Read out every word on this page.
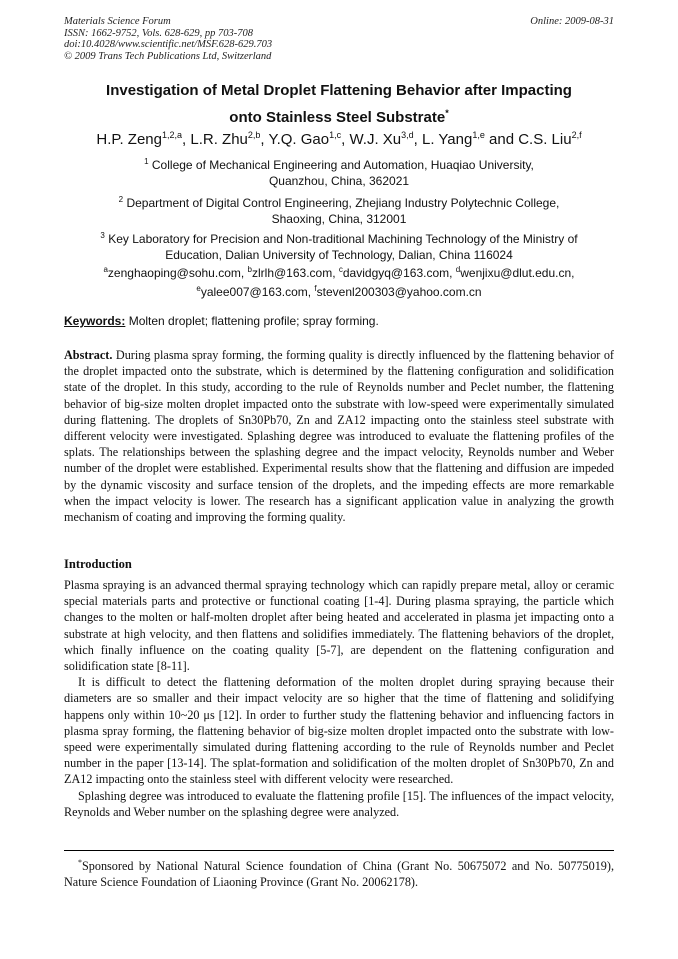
Materials Science Forum
ISSN: 1662-9752, Vols. 628-629, pp 703-708
doi:10.4028/www.scientific.net/MSF.628-629.703
© 2009 Trans Tech Publications Ltd, Switzerland
Online: 2009-08-31
Investigation of Metal Droplet Flattening Behavior after Impacting
onto Stainless Steel Substrate*
H.P. Zeng$^{1,2,a}$, L.R. Zhu$^{2,b}$, Y.Q. Gao$^{1,c}$, W.J. Xu$^{3,d}$, L. Yang$^{1,e}$ and C.S. Liu$^{2,f}$
$^1$ College of Mechanical Engineering and Automation, Huaqiao University,
Quanzhou, China, 362021
$^2$ Department of Digital Control Engineering, Zhejiang Industry Polytechnic College,
Shaoxing, China, 312001
$^3$ Key Laboratory for Precision and Non-traditional Machining Technology of the Ministry of
Education, Dalian University of Technology, Dalian, China 116024
$^a$zenghaoping@sohu.com, $^b$zlrlh@163.com, $^c$davidgyq@163.com, $^d$wenjixu@dlut.edu.cn,
$^e$yalee007@163.com, $^f$stevenl200303@yahoo.com.cn
Keywords: Molten droplet; flattening profile; spray forming.
Abstract. During plasma spray forming, the forming quality is directly influenced by the flattening behavior of the droplet impacted onto the substrate, which is determined by the flattening configuration and solidification state of the droplet. In this study, according to the rule of Reynolds number and Peclet number, the flattening behavior of big-size molten droplet impacted onto the substrate with low-speed were experimentally simulated during flattening. The droplets of Sn30Pb70, Zn and ZA12 impacting onto the stainless steel substrate with different velocity were investigated. Splashing degree was introduced to evaluate the flattening profiles of the splats. The relationships between the splashing degree and the impact velocity, Reynolds number and Weber number of the droplet were established. Experimental results show that the flattening and diffusion are impeded by the dynamic viscosity and surface tension of the droplets, and the impeding effects are more remarkable when the impact velocity is lower. The research has a significant application value in analyzing the growth mechanism of coating and improving the forming quality.
Introduction

Plasma spraying is an advanced thermal spraying technology which can rapidly prepare metal, alloy or ceramic special materials parts and protective or functional coating [1-4]. During plasma spraying, the particle which changes to the molten or half-molten droplet after being heated and accelerated in plasma jet impacting onto a substrate at high velocity, and then flattens and solidifies immediately. The flattening behaviors of the droplet, which finally influence on the coating quality [5-7], are dependent on the flattening configuration and solidification state [8-11].

It is difficult to detect the flattening deformation of the molten droplet during spraying because their diameters are so smaller and their impact velocity are so higher that the time of flattening and solidifying happens only within 10~20 μs [12]. In order to further study the flattening behavior and influencing factors in plasma spray forming, the flattening behavior of big-size molten droplet impacted onto the substrate with low-speed were experimentally simulated during flattening according to the rule of Reynolds number and Peclet number in the paper [13-14]. The splat-formation and solidification of the molten droplet of Sn30Pb70, Zn and ZA12 impacting onto the stainless steel with different velocity were researched.

Splashing degree was introduced to evaluate the flattening profile [15]. The influences of the impact velocity, Reynolds and Weber number on the splashing degree were analyzed.

*Sponsored by National Natural Science foundation of China (Grant No. 50675072 and No. 50775019), Nature Science Foundation of Liaoning Province (Grant No. 20062178).
